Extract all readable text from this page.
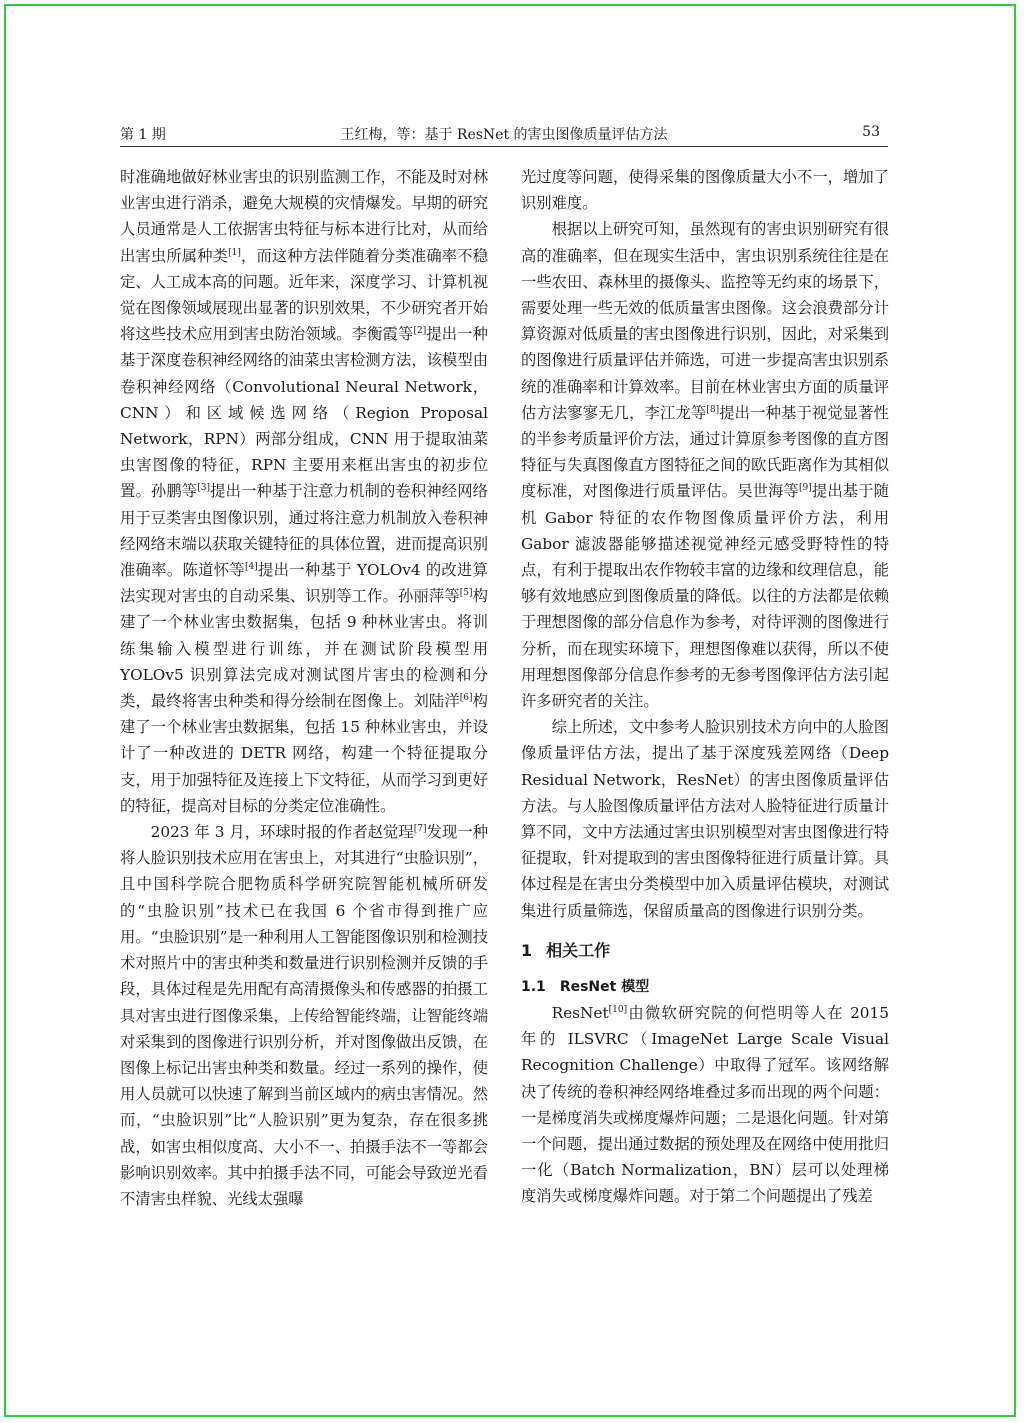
第 1 期	王红梅，等：基于 ResNet 的害虫图像质量评估方法	53

时准确地做好林业害虫的识别监测工作，不能及时对林业害虫进行消杀，避免大规模的灾情爆发。早期的研究人员通常是人工依据害虫特征与标本进行比对，从而给出害虫所属种类[1]，而这种方法伴随着分类准确率不稳定、人工成本高的问题。近年来，深度学习、计算机视觉在图像领域展现出显著的识别效果，不少研究者开始将这些技术应用到害虫防治领域。李衡霞等[2]提出一种基于深度卷积神经网络的油菜虫害检测方法，该模型由卷积神经网络（Convolutional Neural Network，CNN）和区域候选网络（Region Proposal Network，RPN）两部分组成，CNN 用于提取油菜虫害图像的特征，RPN 主要用来框出害虫的初步位置。孙鹏等[3]提出一种基于注意力机制的卷积神经网络用于豆类害虫图像识别，通过将注意力机制放入卷积神经网络末端以获取关键特征的具体位置，进而提高识别准确率。陈道怀等[4]提出一种基于 YOLOv4 的改进算法实现对害虫的自动采集、识别等工作。孙丽萍等[5]构建了一个林业害虫数据集，包括 9 种林业害虫。将训练集输入模型进行训练，并在测试阶段模型用 YOLOv5 识别算法完成对测试图片害虫的检测和分类，最终将害虫种类和得分绘制在图像上。刘陆洋[6]构建了一个林业害虫数据集，包括 15 种林业害虫，并设计了一种改进的 DETR 网络，构建一个特征提取分支，用于加强特征及连接上下文特征，从而学习到更好的特征，提高对目标的分类定位准确性。

2023 年 3 月，环球时报的作者赵觉珵[7]发现一种将人脸识别技术应用在害虫上，对其进行“虫脸识别”，且中国科学院合肥物质科学研究院智能机械所研发的“虫脸识别”技术已在我国 6 个省市得到推广应用。“虫脸识别”是一种利用人工智能图像识别和检测技术对照片中的害虫种类和数量进行识别检测并反馈的手段，具体过程是先用配有高清摄像头和传感器的拍摄工具对害虫进行图像采集，上传给智能终端，让智能终端对采集到的图像进行识别分析，并对图像做出反馈，在图像上标记出害虫种类和数量。经过一系列的操作，使用人员就可以快速了解到当前区域内的病虫害情况。然而，“虫脸识别”比“人脸识别”更为复杂，存在很多挑战，如害虫相似度高、大小不一、拍摄手法不一等都会影响识别效率。其中拍摄手法不同，可能会导致逆光看不清害虫样貌、光线太强曝

光过度等问题，使得采集的图像质量大小不一，增加了识别难度。

根据以上研究可知，虽然现有的害虫识别研究有很高的准确率，但在现实生活中，害虫识别系统往往是在一些农田、森林里的摄像头、监控等无约束的场景下，需要处理一些无效的低质量害虫图像。这会浪费部分计算资源对低质量的害虫图像进行识别，因此，对采集到的图像进行质量评估并筛选，可进一步提高害虫识别系统的准确率和计算效率。目前在林业害虫方面的质量评估方法寥寥无几，李江龙等[8]提出一种基于视觉显著性的半参考质量评价方法，通过计算原参考图像的直方图特征与失真图像直方图特征之间的欧氏距离作为其相似度标准，对图像进行质量评估。吴世海等[9]提出基于随机 Gabor 特征的农作物图像质量评价方法，利用 Gabor 滤波器能够描述视觉神经元感受野特性的特点，有利于提取出农作物较丰富的边缘和纹理信息，能够有效地感应到图像质量的降低。以往的方法都是依赖于理想图像的部分信息作为参考，对待评测的图像进行分析，而在现实环境下，理想图像难以获得，所以不使用理想图像部分信息作参考的无参考图像评估方法引起许多研究者的关注。

综上所述，文中参考人脸识别技术方向中的人脸图像质量评估方法，提出了基于深度残差网络（Deep Residual Network，ResNet）的害虫图像质量评估方法。与人脸图像质量评估方法对人脸特征进行质量计算不同，文中方法通过害虫识别模型对害虫图像进行特征提取，针对提取到的害虫图像特征进行质量计算。具体过程是在害虫分类模型中加入质量评估模块，对测试集进行质量筛选，保留质量高的图像进行识别分类。

1 相关工作
1.1 ResNet 模型

ResNet[10]由微软研究院的何恺明等人在 2015 年的 ILSVRC（ImageNet Large Scale Visual Recognition Challenge）中取得了冠军。该网络解决了传统的卷积神经网络堆叠过多而出现的两个问题：一是梯度消失或梯度爆炸问题；二是退化问题。针对第一个问题，提出通过数据的预处理及在网络中使用批归一化（Batch Normalization，BN）层可以处理梯度消失或梯度爆炸问题。对于第二个问题提出了残差
